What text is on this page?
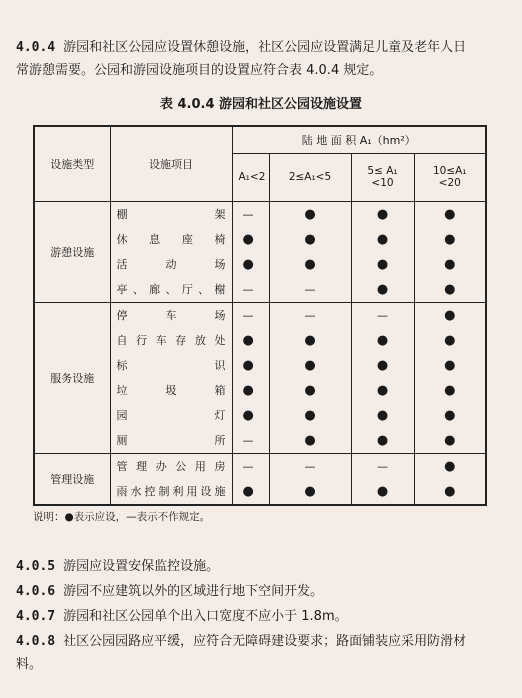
4.0.4 游园和社区公园应设置休憩设施，社区公园应设置满足儿童及老年人日
常游憩需要。公园和游园设施项目的设置应符合表 4.0.4 规定。
表 4.0.4 游园和社区公园设施设置
设施类型	设施项目	陆 地 面 积 A₁（hm²）			
		A₁<2	2≤A₁<5	5≤ A₁ <10	10≤A₁ <20
游憩设施	棚架	—	●	●	●
	休息座椅	●	●	●	●
	活动场	●	●	●	●
	亭、廊、厅、榭	—	—	●	●
服务设施	停车场	—	—	—	●
	自行车存放处	●	●	●	●
	标识	●	●	●	●
	垃圾箱	●	●	●	●
	园灯	●	●	●	●
	厕所	—	●	●	●
管理设施	管理办公用房	—	—	—	●
	雨水控制利用设施	●	●	●	●
说明：●表示应设，—表示不作规定。
4.0.5 游园应设置安保监控设施。
4.0.6 游园不应建筑以外的区域进行地下空间开发。
4.0.7 游园和社区公园单个出入口宽度不应小于 1.8m。
4.0.8 社区公园园路应平缓，应符合无障碍建设要求；路面铺装应采用防滑材
料。
